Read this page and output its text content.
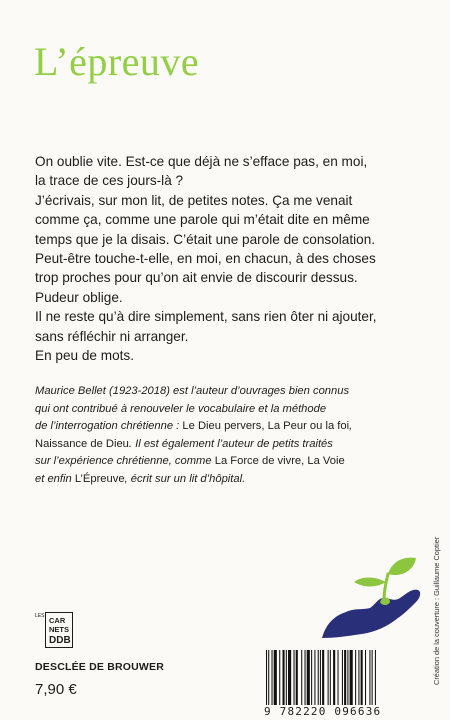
L’épreuve

On oublie vite. Est-ce que déjà ne s’efface pas, en moi,

la trace de ces jours-là ?

J’écrivais, sur mon lit, de petites notes. Ça me venait

comme ça, comme une parole qui m’était dite en même

temps que je la disais. C’était une parole de consolation.

Peut-être touche-t-elle, en moi, en chacun, à des choses

trop proches pour qu’on ait envie de discourir dessus.

Pudeur oblige.

Il ne reste qu’à dire simplement, sans rien ôter ni ajouter,

sans réfléchir ni arranger.

En peu de mots.

Maurice Bellet (1923-2018) est l’auteur d’ouvrages bien connus
qui ont contribué à renouveler le vocabulaire et la méthode
de l’interrogation chrétienne : Le Dieu pervers, La Peur ou la foi,
Naissance de Dieu. Il est également l’auteur de petits traités
sur l’expérience chrétienne, comme La Force de vivre, La Voie
et enfin L’Épreuve, écrit sur un lit d’hôpital.
Création de la couverture : Guillaume Coptier
LES CAR
NETS
DDB
DESCLÉE DE BROUWER
7,90 €
9 782220 096636
